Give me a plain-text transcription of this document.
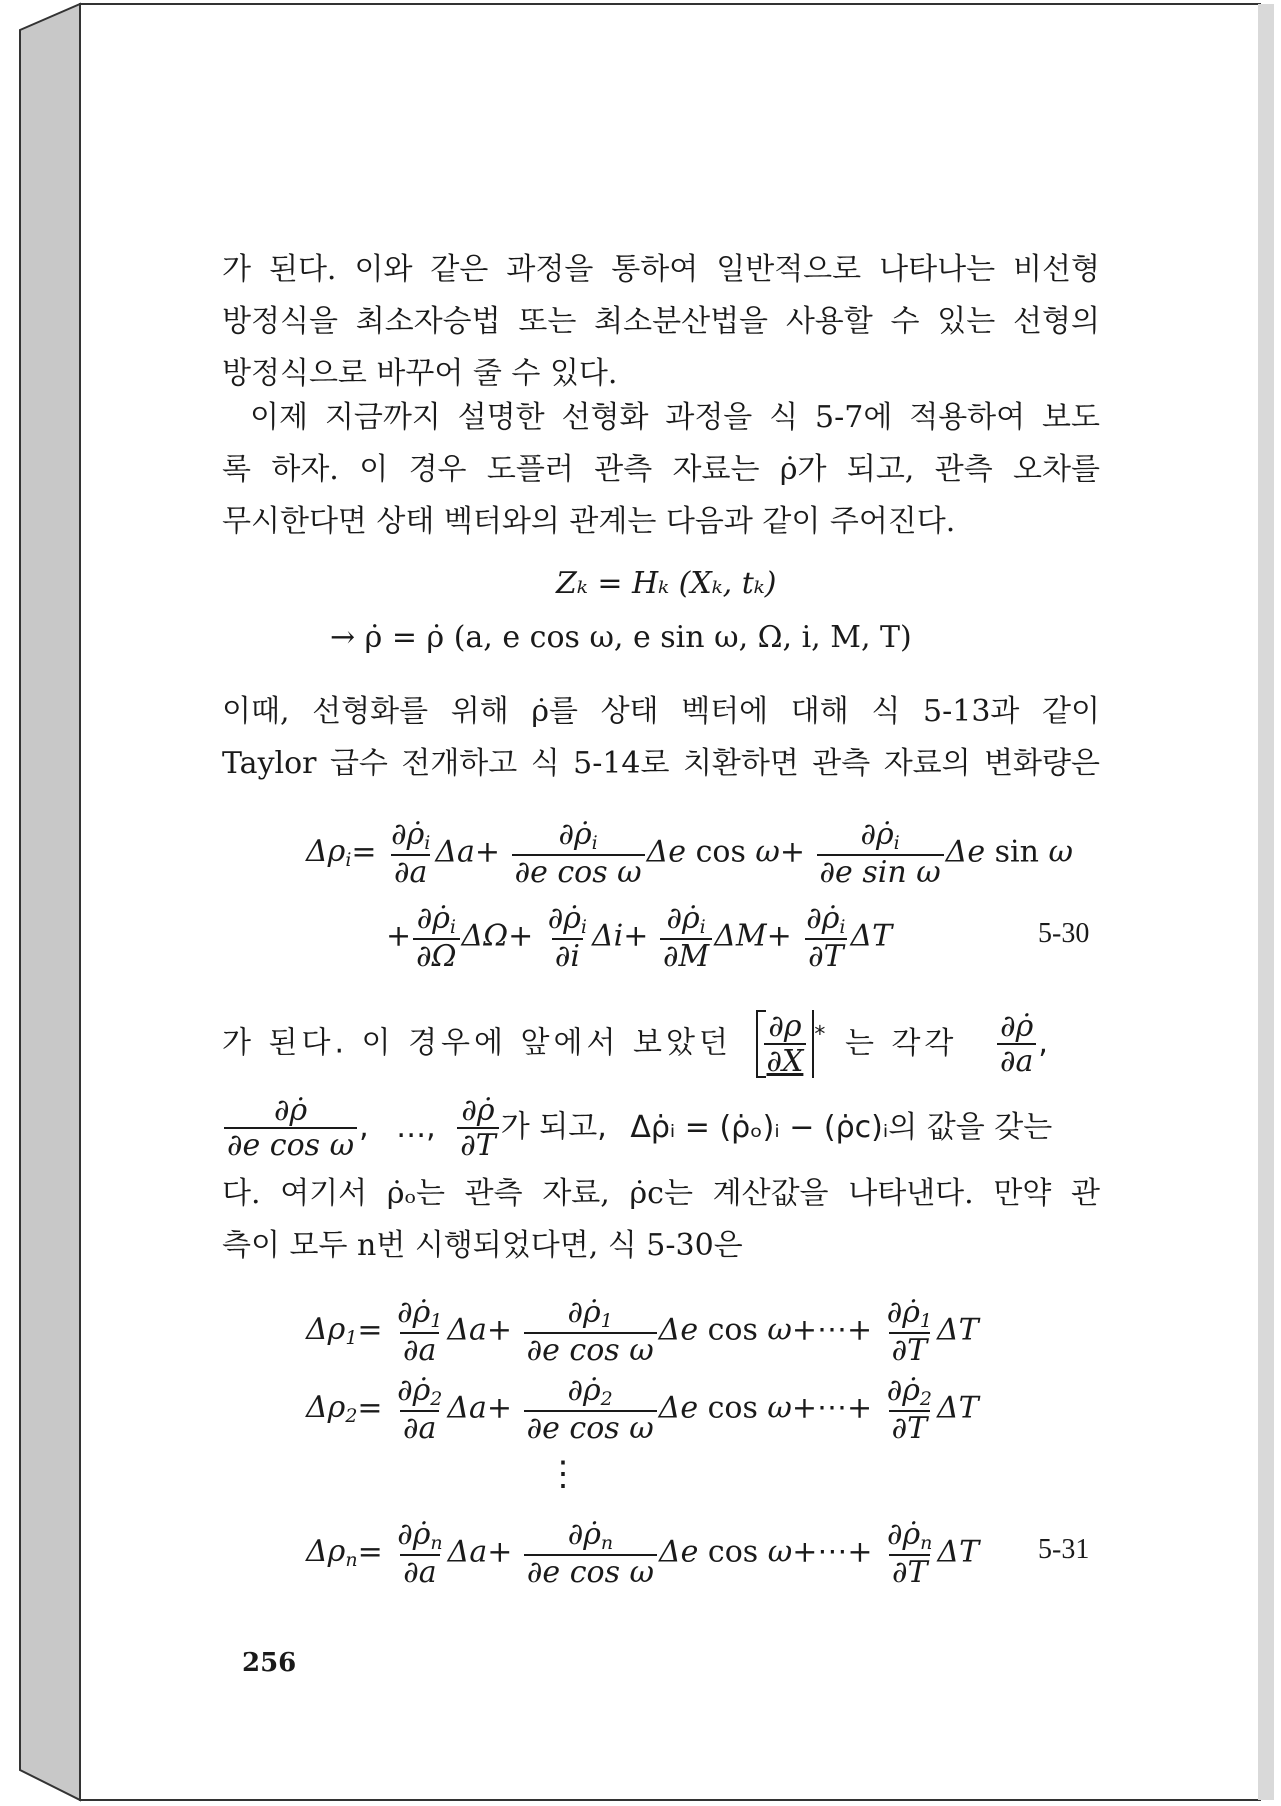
가 된다. 이와 같은 과정을 통하여 일반적으로 나타나는 비선형
방정식을 최소자승법 또는 최소분산법을 사용할 수 있는 선형의
방정식으로 바꾸어 줄 수 있다.
이제 지금까지 설명한 선형화 과정을 식 5-7에 적용하여 보도
록 하자. 이 경우 도플러 관측 자료는 ρ̇가 되고, 관측 오차를
무시한다면 상태 벡터와의 관계는 다음과 같이 주어진다.
Zₖ = Hₖ (Xₖ, tₖ)
→ ρ̇ = ρ̇ (a, e cos ω, e sin ω, Ω, i, M, T)
이때, 선형화를 위해 ρ̇를 상태 벡터에 대해 식 5-13과 같이
Taylor 급수 전개하고 식 5-14로 치환하면 관측 자료의 변화량은
$\Delta\rho_i= \frac{\partial\rhȯ_i}{\partial a} \Delta a+ \frac{\partial\rhȯ_i}{\text{∂e cos ω}}$ Δe $\cos \omega+ \frac{\partial\rhȯ_i}{\text{∂e sin ω}}$ Δe sin ω
+ $\frac{\partial\rhȯ_i}{\partial\Omega} \Delta\Omega+ \frac{\partial\rhȯ_i}{\partial i} \Delta i+ \frac{\partial\rhȯ_i}{\partial M} \Delta M+ \frac{\partial\rhȯ_i}{\partial T}$ ΔT	5-30
가 된다. 이 경우에 앞에서 보았던 $\frac{\partial\rho}{\partial X} ^*$ 는 각각 $\frac{\partial\rhȯ}{\partial a}$ ,
$\frac{\partial\rhȯ}{\text{∂e cos ω}}$ , …, $\frac{\partial\rhȯ}{\partial T}$ 가 되고, Δρ̇ᵢ = (ρ̇ₒ)ᵢ − (ρ̇c)ᵢ의 값을 갖는
다. 여기서 ρ̇ₒ는 관측 자료, ρ̇c는 계산값을 나타낸다. 만약 관
측이 모두 n번 시행되었다면, 식 5-30은
$\Delta\rho_1= \frac{\partial\rhȯ_1}{\partial a} \Delta a+ \frac{\partial\rhȯ_1}{\text{∂e cos ω}}$ Δe cos ω+⋯+ $\frac{\partial\rhȯ_1}{\partial T}$ ΔT
$\Delta\rho_2= \frac{\partial\rhȯ_2}{\partial a} \Delta a+ \frac{\partial\rhȯ_2}{\text{∂e cos ω}}$ Δe cos ω+⋯+ $\frac{\partial\rhȯ_2}{\partial T}$ ΔT
⋮
$\Delta\rho_n= \frac{\partial\rhȯ_n}{\partial a} \Delta a+ \frac{\partial\rhȯ_n}{\text{∂e cos ω}}$ Δe cos ω+⋯+ $\frac{\partial\rhȯ_n}{\partial T}$ ΔT 5-31
256
